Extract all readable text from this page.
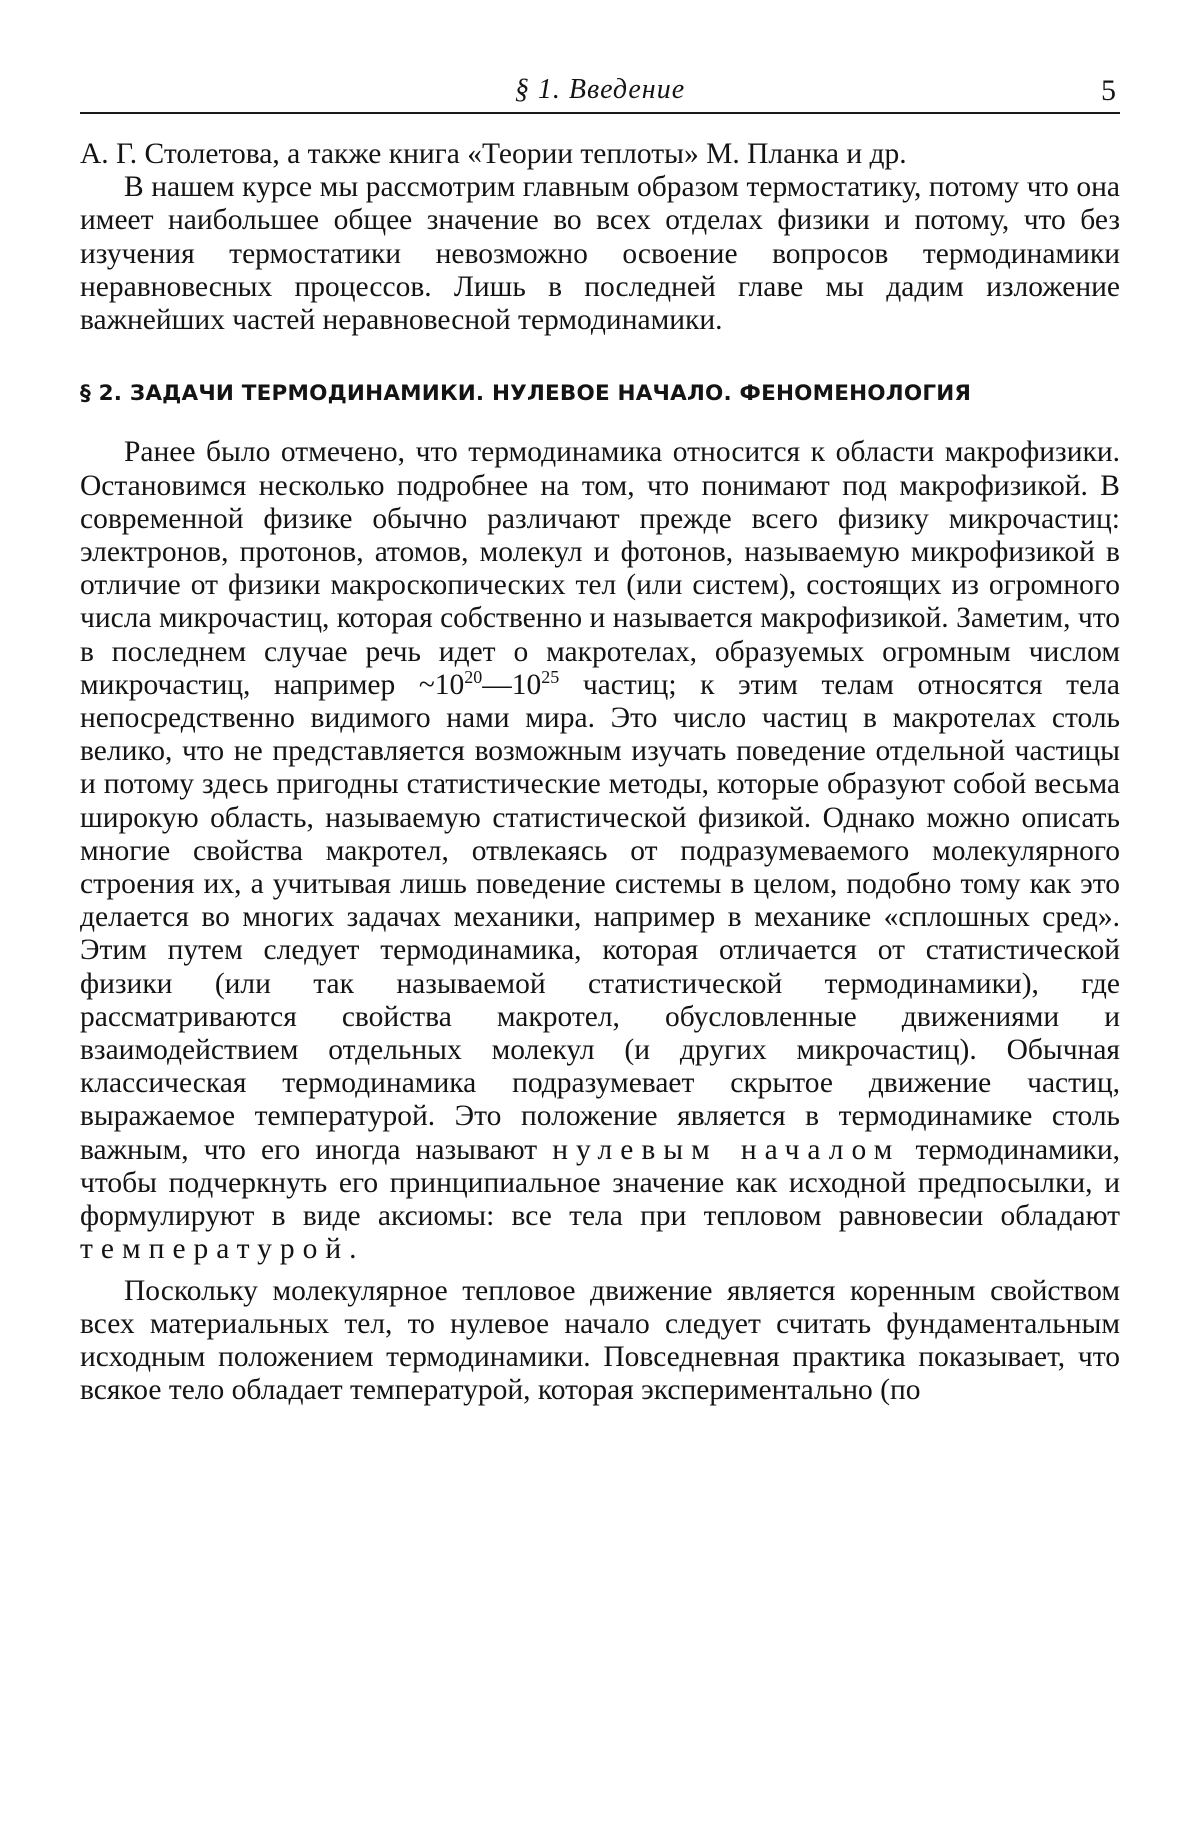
§ 1. Введение	5

А. Г. Столетова, а также книга «Теории теплоты» М. Планка и др.

В нашем курсе мы рассмотрим главным образом термостатику, потому что она имеет наибольшее общее значение во всех отделах физики и потому, что без изучения термостатики невозможно освоение вопросов термодинамики неравновесных процессов. Лишь в последней главе мы дадим изложение важнейших частей неравновесной термодинамики.

§ 2. ЗАДАЧИ ТЕРМОДИНАМИКИ. НУЛЕВОЕ НАЧАЛО. ФЕНОМЕНОЛОГИЯ

Ранее было отмечено, что термодинамика относится к области макрофизики. Остановимся несколько подробнее на том, что понимают под макрофизикой. В современной физике обычно различают прежде всего физику микрочастиц: электронов, протонов, атомов, молекул и фотонов, называемую микрофизикой в отличие от физики макроскопических тел (или систем), состоящих из огромного числа микрочастиц, которая собственно и называется макрофизикой. Заметим, что в последнем случае речь идет о макротелах, образуемых огромным числом микрочастиц, например $\sim 10^{20}—10^{25}$ частиц; к этим телам относятся тела непосредственно видимого нами мира. Это число частиц в макротелах столь велико, что не представляется возможным изучать поведение отдельной частицы и потому здесь пригодны статистические методы, которые образуют собой весьма широкую область, называемую статистической физикой. Однако можно описать многие свойства макротел, отвлекаясь от подразумеваемого молекулярного строения их, а учитывая лишь поведение системы в целом, подобно тому как это делается во многих задачах механики, например в механике «сплошных сред». Этим путем следует термодинамика, которая отличается от статистической физики (или так называемой статистической термодинамики), где рассматриваются свойства макротел, обусловленные движениями и взаимодействием отдельных молекул (и других микрочастиц). Обычная классическая термодинамика подразумевает скрытое движение частиц, выражаемое температурой. Это положение является в термодинамике столь важным, что его иногда называют нулевым началом термодинамики, чтобы подчеркнуть его принципиальное значение как исходной предпосылки, и формулируют в виде аксиомы: все тела при тепловом равновесии обладают температурой.

Поскольку молекулярное тепловое движение является коренным свойством всех материальных тел, то нулевое начало следует считать фундаментальным исходным положением термодинамики. Повседневная практика показывает, что всякое тело обладает температурой, которая экспериментально (по
